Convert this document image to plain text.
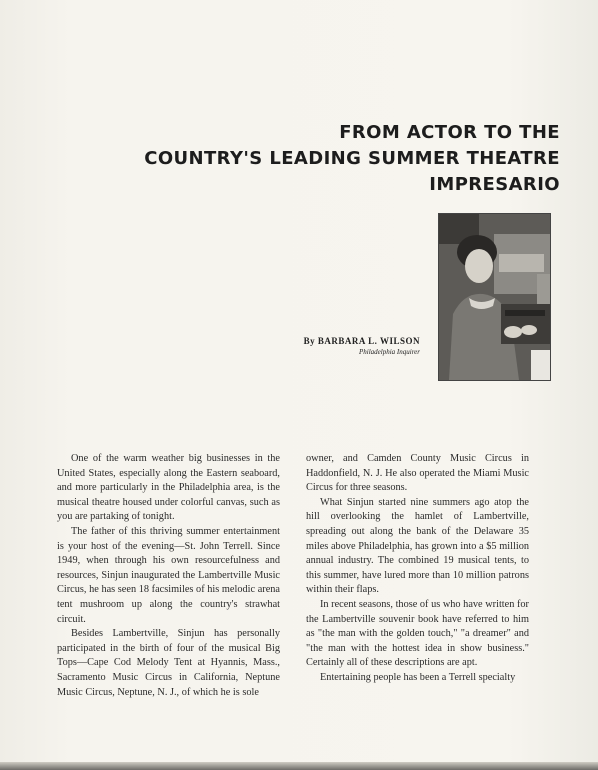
FROM ACTOR TO THE
COUNTRY'S LEADING SUMMER THEATRE IMPRESARIO
By BARBARA L. WILSON
Philadelphia Inquirer

One of the warm weather big businesses in the United States, especially along the Eastern seaboard, and more particularly in the Philadelphia area, is the musical theatre housed under colorful canvas, such as you are partaking of tonight.

The father of this thriving summer entertainment is your host of the evening—St. John Terrell. Since 1949, when through his own resourcefulness and resources, Sinjun inaugurated the Lambertville Music Circus, he has seen 18 facsimiles of his melodic arena tent mushroom up along the country's strawhat circuit.

Besides Lambertville, Sinjun has personally participated in the birth of four of the musical Big Tops—Cape Cod Melody Tent at Hyannis, Mass., Sacramento Music Circus in California, Neptune Music Circus, Neptune, N. J., of which he is sole

owner, and Camden County Music Circus in Haddonfield, N. J. He also operated the Miami Music Circus for three seasons.

What Sinjun started nine summers ago atop the hill overlooking the hamlet of Lambertville, spreading out along the bank of the Delaware 35 miles above Philadelphia, has grown into a $5 million annual industry. The combined 19 musical tents, to this summer, have lured more than 10 million patrons within their flaps.

In recent seasons, those of us who have written for the Lambertville souvenir book have referred to him as "the man with the golden touch," "a dreamer" and "the man with the hottest idea in show business." Certainly all of these descriptions are apt.

Entertaining people has been a Terrell specialty
